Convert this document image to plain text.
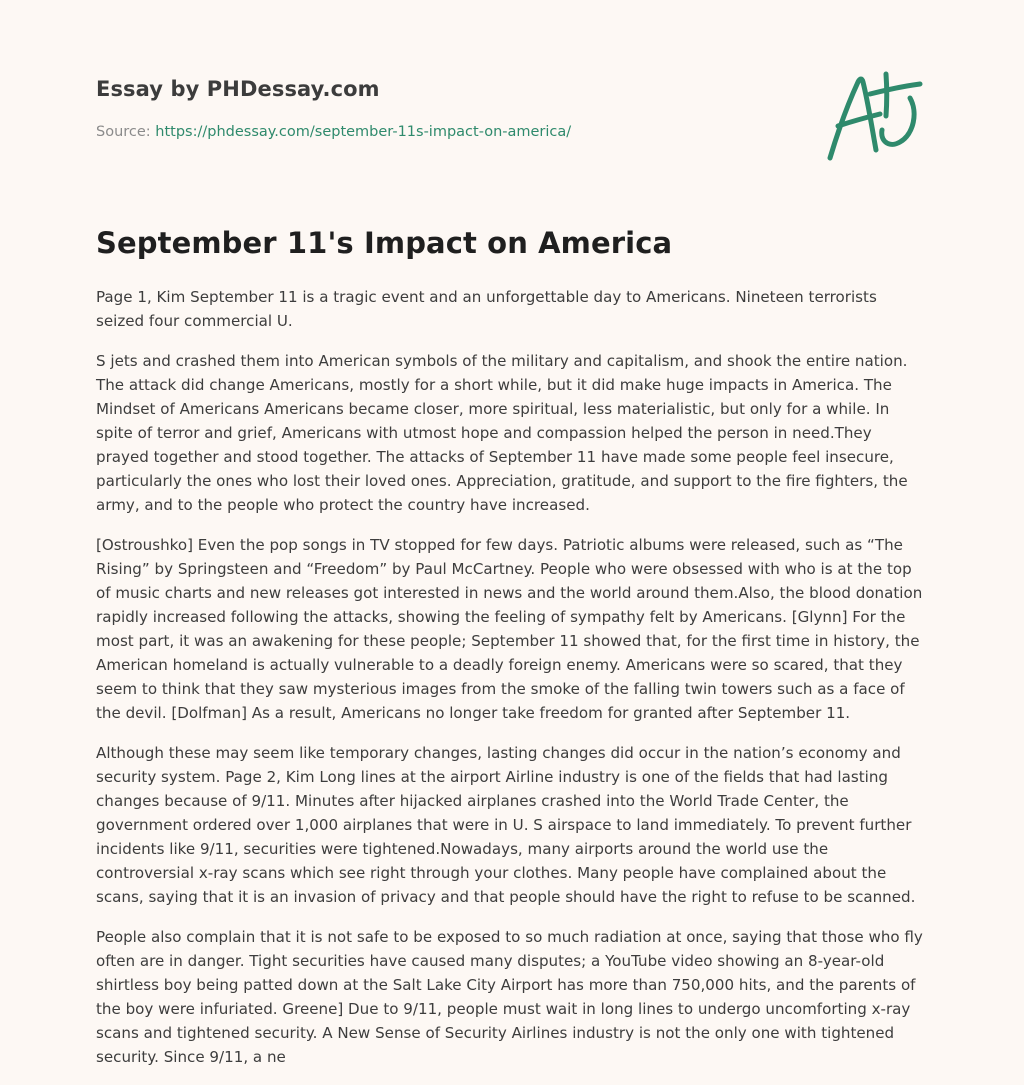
Essay by PHDessay.com
Source: https://phdessay.com/september-11s-impact-on-america/
September 11's Impact on America

Page 1, Kim September 11 is a tragic event and an unforgettable day to Americans. Nineteen terrorists seized four commercial U.

S jets and crashed them into American symbols of the military and capitalism, and shook the entire nation. The attack did change Americans, mostly for a short while, but it did make huge impacts in America. The Mindset of Americans Americans became closer, more spiritual, less materialistic, but only for a while. In spite of terror and grief, Americans with utmost hope and compassion helped the person in need.They prayed together and stood together. The attacks of September 11 have made some people feel insecure, particularly the ones who lost their loved ones. Appreciation, gratitude, and support to the fire fighters, the army, and to the people who protect the country have increased.

[Ostroushko] Even the pop songs in TV stopped for few days. Patriotic albums were released, such as “The Rising” by Springsteen and “Freedom” by Paul McCartney. People who were obsessed with who is at the top of music charts and new releases got interested in news and the world around them.Also, the blood donation rapidly increased following the attacks, showing the feeling of sympathy felt by Americans. [Glynn] For the most part, it was an awakening for these people; September 11 showed that, for the first time in history, the American homeland is actually vulnerable to a deadly foreign enemy. Americans were so scared, that they seem to think that they saw mysterious images from the smoke of the falling twin towers such as a face of the devil. [Dolfman] As a result, Americans no longer take freedom for granted after September 11.

Although these may seem like temporary changes, lasting changes did occur in the nation’s economy and security system. Page 2, Kim Long lines at the airport Airline industry is one of the fields that had lasting changes because of 9/11. Minutes after hijacked airplanes crashed into the World Trade Center, the government ordered over 1,000 airplanes that were in U. S airspace to land immediately. To prevent further incidents like 9/11, securities were tightened.Nowadays, many airports around the world use the controversial x-ray scans which see right through your clothes. Many people have complained about the scans, saying that it is an invasion of privacy and that people should have the right to refuse to be scanned.

People also complain that it is not safe to be exposed to so much radiation at once, saying that those who fly often are in danger. Tight securities have caused many disputes; a YouTube video showing an 8-year-old shirtless boy being patted down at the Salt Lake City Airport has more than 750,000 hits, and the parents of the boy were infuriated. Greene] Due to 9/11, people must wait in long lines to undergo uncomforting x-ray scans and tightened security. A New Sense of Security Airlines industry is not the only one with tightened security. Since 9/11, a ne
